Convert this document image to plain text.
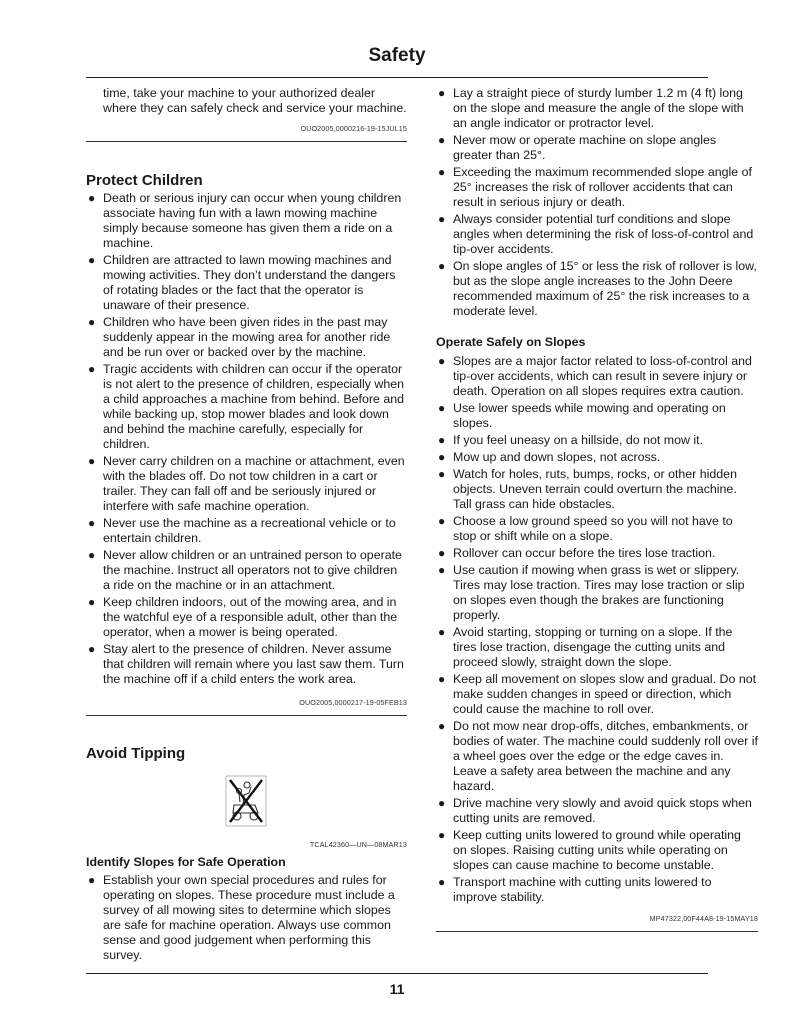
Safety

time, take your machine to your authorized dealer where they can safely check and service your machine.

OUO2005,0000216-19-15JUL15
Protect Children
● Death or serious injury can occur when young children associate having fun with a lawn mowing machine simply because someone has given them a ride on a machine.
● Children are attracted to lawn mowing machines and mowing activities. They don’t understand the dangers of rotating blades or the fact that the operator is unaware of their presence.
● Children who have been given rides in the past may suddenly appear in the mowing area for another ride and be run over or backed over by the machine.
● Tragic accidents with children can occur if the operator is not alert to the presence of children, especially when a child approaches a machine from behind. Before and while backing up, stop mower blades and look down and behind the machine carefully, especially for children.
● Never carry children on a machine or attachment, even with the blades off. Do not tow children in a cart or trailer. They can fall off and be seriously injured or interfere with safe machine operation.
● Never use the machine as a recreational vehicle or to entertain children.
● Never allow children or an untrained person to operate the machine. Instruct all operators not to give children a ride on the machine or in an attachment.
● Keep children indoors, out of the mowing area, and in the watchful eye of a responsible adult, other than the operator, when a mower is being operated.
● Stay alert to the presence of children. Never assume that children will remain where you last saw them. Turn the machine off if a child enters the work area.
OUO2005,0000217-19-05FEB13
Avoid Tipping
TCAL42360—UN—08MAR13
Identify Slopes for Safe Operation
● Establish your own special procedures and rules for operating on slopes. These procedure must include a survey of all mowing sites to determine which slopes are safe for machine operation. Always use common sense and good judgement when performing this survey.
● Lay a straight piece of sturdy lumber 1.2 m (4 ft) long on the slope and measure the angle of the slope with an angle indicator or protractor level.
● Never mow or operate machine on slope angles greater than 25°.
● Exceeding the maximum recommended slope angle of 25° increases the risk of rollover accidents that can result in serious injury or death.
● Always consider potential turf conditions and slope angles when determining the risk of loss-of-control and tip-over accidents.
● On slope angles of 15° or less the risk of rollover is low, but as the slope angle increases to the John Deere recommended maximum of 25° the risk increases to a moderate level.
Operate Safely on Slopes
● Slopes are a major factor related to loss-of-control and tip-over accidents, which can result in severe injury or death. Operation on all slopes requires extra caution.
● Use lower speeds while mowing and operating on slopes.
● If you feel uneasy on a hillside, do not mow it.
● Mow up and down slopes, not across.
● Watch for holes, ruts, bumps, rocks, or other hidden objects. Uneven terrain could overturn the machine. Tall grass can hide obstacles.
● Choose a low ground speed so you will not have to stop or shift while on a slope.
● Rollover can occur before the tires lose traction.
● Use caution if mowing when grass is wet or slippery. Tires may lose traction. Tires may lose traction or slip on slopes even though the brakes are functioning properly.
● Avoid starting, stopping or turning on a slope. If the tires lose traction, disengage the cutting units and proceed slowly, straight down the slope.
● Keep all movement on slopes slow and gradual. Do not make sudden changes in speed or direction, which could cause the machine to roll over.
● Do not mow near drop-offs, ditches, embankments, or bodies of water. The machine could suddenly roll over if a wheel goes over the edge or the edge caves in. Leave a safety area between the machine and any hazard.
● Drive machine very slowly and avoid quick stops when cutting units are removed.
● Keep cutting units lowered to ground while operating on slopes. Raising cutting units while operating on slopes can cause machine to become unstable.
● Transport machine with cutting units lowered to improve stability.
MP47322,00F44A8-19-15MAY18
11
